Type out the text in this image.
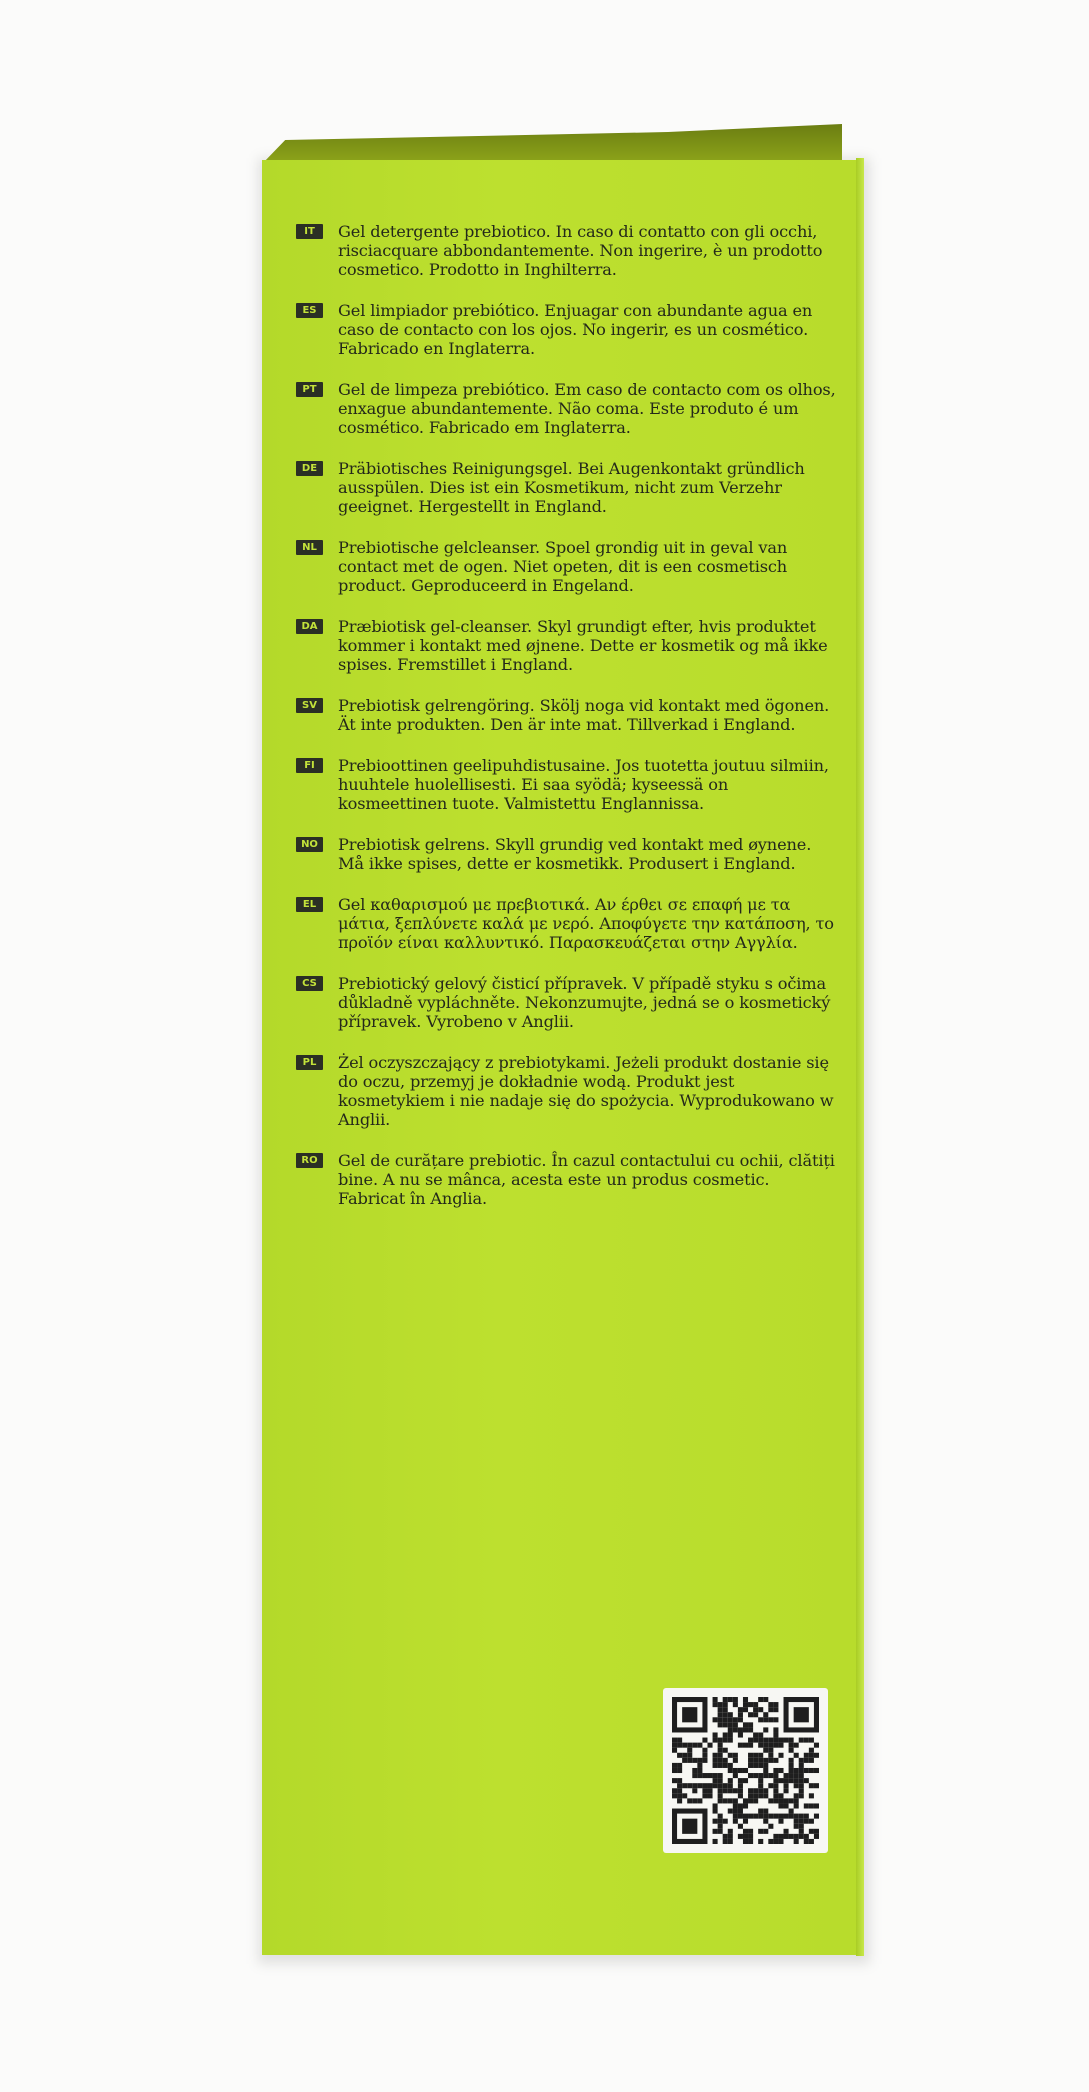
IT	Gel detergente prebiotico. In caso di contatto con gli occhi, risciacquare abbondantemente. Non ingerire, è un prodotto cosmetico. Prodotto in Inghilterra.
ES	Gel limpiador prebiótico. Enjuagar con abundante agua en caso de contacto con los ojos. No ingerir, es un cosmético. Fabricado en Inglaterra.
PT	Gel de limpeza prebiótico. Em caso de contacto com os olhos, enxague abundantemente. Não coma. Este produto é um cosmético. Fabricado em Inglaterra.
DE	Präbiotisches Reinigungsgel. Bei Augenkontakt gründlich ausspülen. Dies ist ein Kosmetikum, nicht zum Verzehr geeignet. Hergestellt in England.
NL	Prebiotische gelcleanser. Spoel grondig uit in geval van contact met de ogen. Niet opeten, dit is een cosmetisch product. Geproduceerd in Engeland.
DA	Præbiotisk gel-cleanser. Skyl grundigt efter, hvis produktet kommer i kontakt med øjnene. Dette er kosmetik og må ikke spises. Fremstillet i England.
SV	Prebiotisk gelrengöring. Skölj noga vid kontakt med ögonen. Ät inte produkten. Den är inte mat. Tillverkad i England.
FI	Prebioottinen geelipuhdistusaine. Jos tuotetta joutuu silmiin, huuhtele huolellisesti. Ei saa syödä; kyseessä on kosmeettinen tuote. Valmistettu Englannissa.
NO	Prebiotisk gelrens. Skyll grundig ved kontakt med øynene. Må ikke spises, dette er kosmetikk. Produsert i England.
EL	Gel καθαρισμού με πρεβιοτικά. Αν έρθει σε επαφή με τα μάτια, ξεπλύνετε καλά με νερό. Αποφύγετε την κατάποση, το προϊόν είναι καλλυντικό. Παρασκευάζεται στην Αγγλία.
CS	Prebiotický gelový čisticí přípravek. V případě styku s očima důkladně vypláchněte. Nekonzumujte, jedná se o kosmetický přípravek. Vyrobeno v Anglii.
PL	Żel oczyszczający z prebiotykami. Jeżeli produkt dostanie się do oczu, przemyj je dokładnie wodą. Produkt jest kosmetykiem i nie nadaje się do spożycia. Wyprodukowano w Anglii.
RO	Gel de curățare prebiotic. În cazul contactului cu ochii, clătiți bine. A nu se mânca, acesta este un produs cosmetic. Fabricat în Anglia.
